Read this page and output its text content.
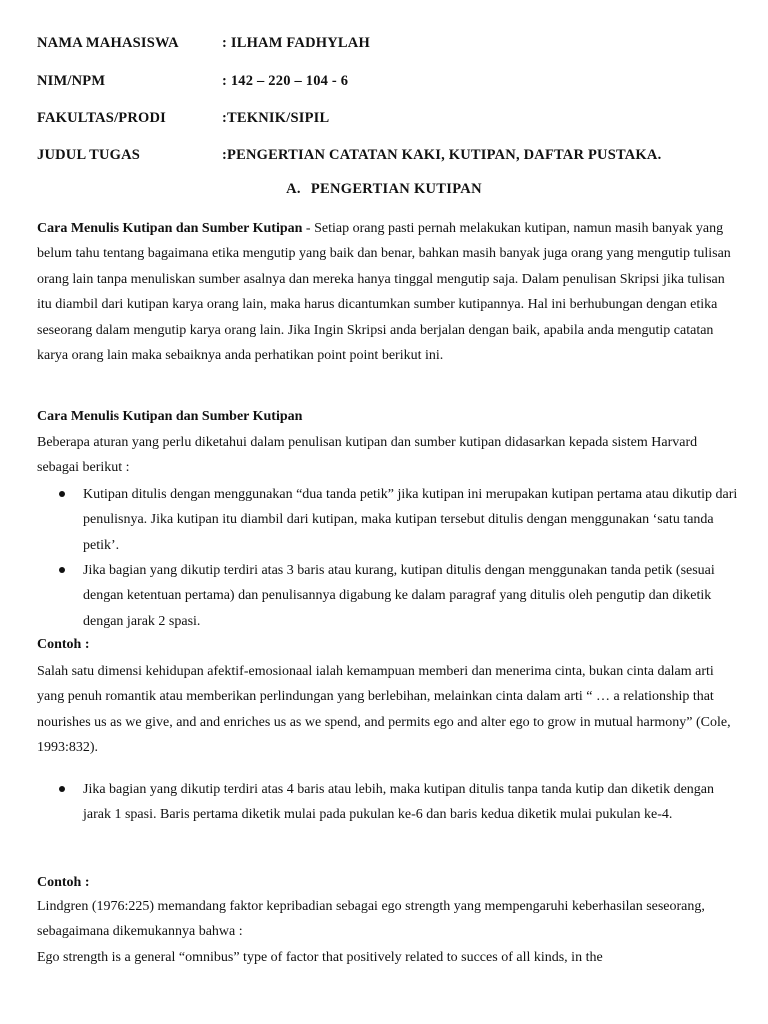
NAMA MAHASISWA	: ILHAM FADHYLAH
NIM/NPM	: 142 – 220 – 104 - 6
FAKULTAS/PRODI	:TEKNIK/SIPIL
JUDUL TUGAS	:PENGERTIAN CATATAN KAKI, KUTIPAN, DAFTAR PUSTAKA.
A. PENGERTIAN KUTIPAN

Cara Menulis Kutipan dan Sumber Kutipan - Setiap orang pasti pernah melakukan kutipan, namun masih banyak yang belum tahu tentang bagaimana etika mengutip yang baik dan benar, bahkan masih banyak juga orang yang mengutip tulisan orang lain tanpa menuliskan sumber asalnya dan mereka hanya tinggal mengutip saja. Dalam penulisan Skripsi jika tulisan itu diambil dari kutipan karya orang lain, maka harus dicantumkan sumber kutipannya. Hal ini berhubungan dengan etika seseorang dalam mengutip karya orang lain. Jika Ingin Skripsi anda berjalan dengan baik, apabila anda mengutip catatan karya orang lain maka sebaiknya anda perhatikan point point berikut ini.

Cara Menulis Kutipan dan Sumber Kutipan

Beberapa aturan yang perlu diketahui dalam penulisan kutipan dan sumber kutipan didasarkan kepada sistem Harvard sebagai berikut :

Kutipan ditulis dengan menggunakan “dua tanda petik” jika kutipan ini merupakan kutipan pertama atau dikutip dari penulisnya. Jika kutipan itu diambil dari kutipan, maka kutipan tersebut ditulis dengan menggunakan ‘satu tanda petik’.
Jika bagian yang dikutip terdiri atas 3 baris atau kurang, kutipan ditulis dengan menggunakan tanda petik (sesuai dengan ketentuan pertama) dan penulisannya digabung ke dalam paragraf yang ditulis oleh pengutip dan diketik dengan jarak 2 spasi.
Contoh :

Salah satu dimensi kehidupan afektif-emosionaal ialah kemampuan memberi dan menerima cinta, bukan cinta dalam arti yang penuh romantik atau memberikan perlindungan yang berlebihan, melainkan cinta dalam arti “ … a relationship that nourishes us as we give, and and enriches us as we spend, and permits ego and alter ego to grow in mutual harmony” (Cole, 1993:832).

Jika bagian yang dikutip terdiri atas 4 baris atau lebih, maka kutipan ditulis tanpa tanda kutip dan diketik dengan jarak 1 spasi. Baris pertama diketik mulai pada pukulan ke-6 dan baris kedua diketik mulai pukulan ke-4.
Contoh :

Lindgren (1976:225) memandang faktor kepribadian sebagai ego strength yang mempengaruhi keberhasilan seseorang, sebagaimana dikemukannya bahwa :

Ego strength is a general “omnibus” type of factor that positively related to succes of all kinds, in the
